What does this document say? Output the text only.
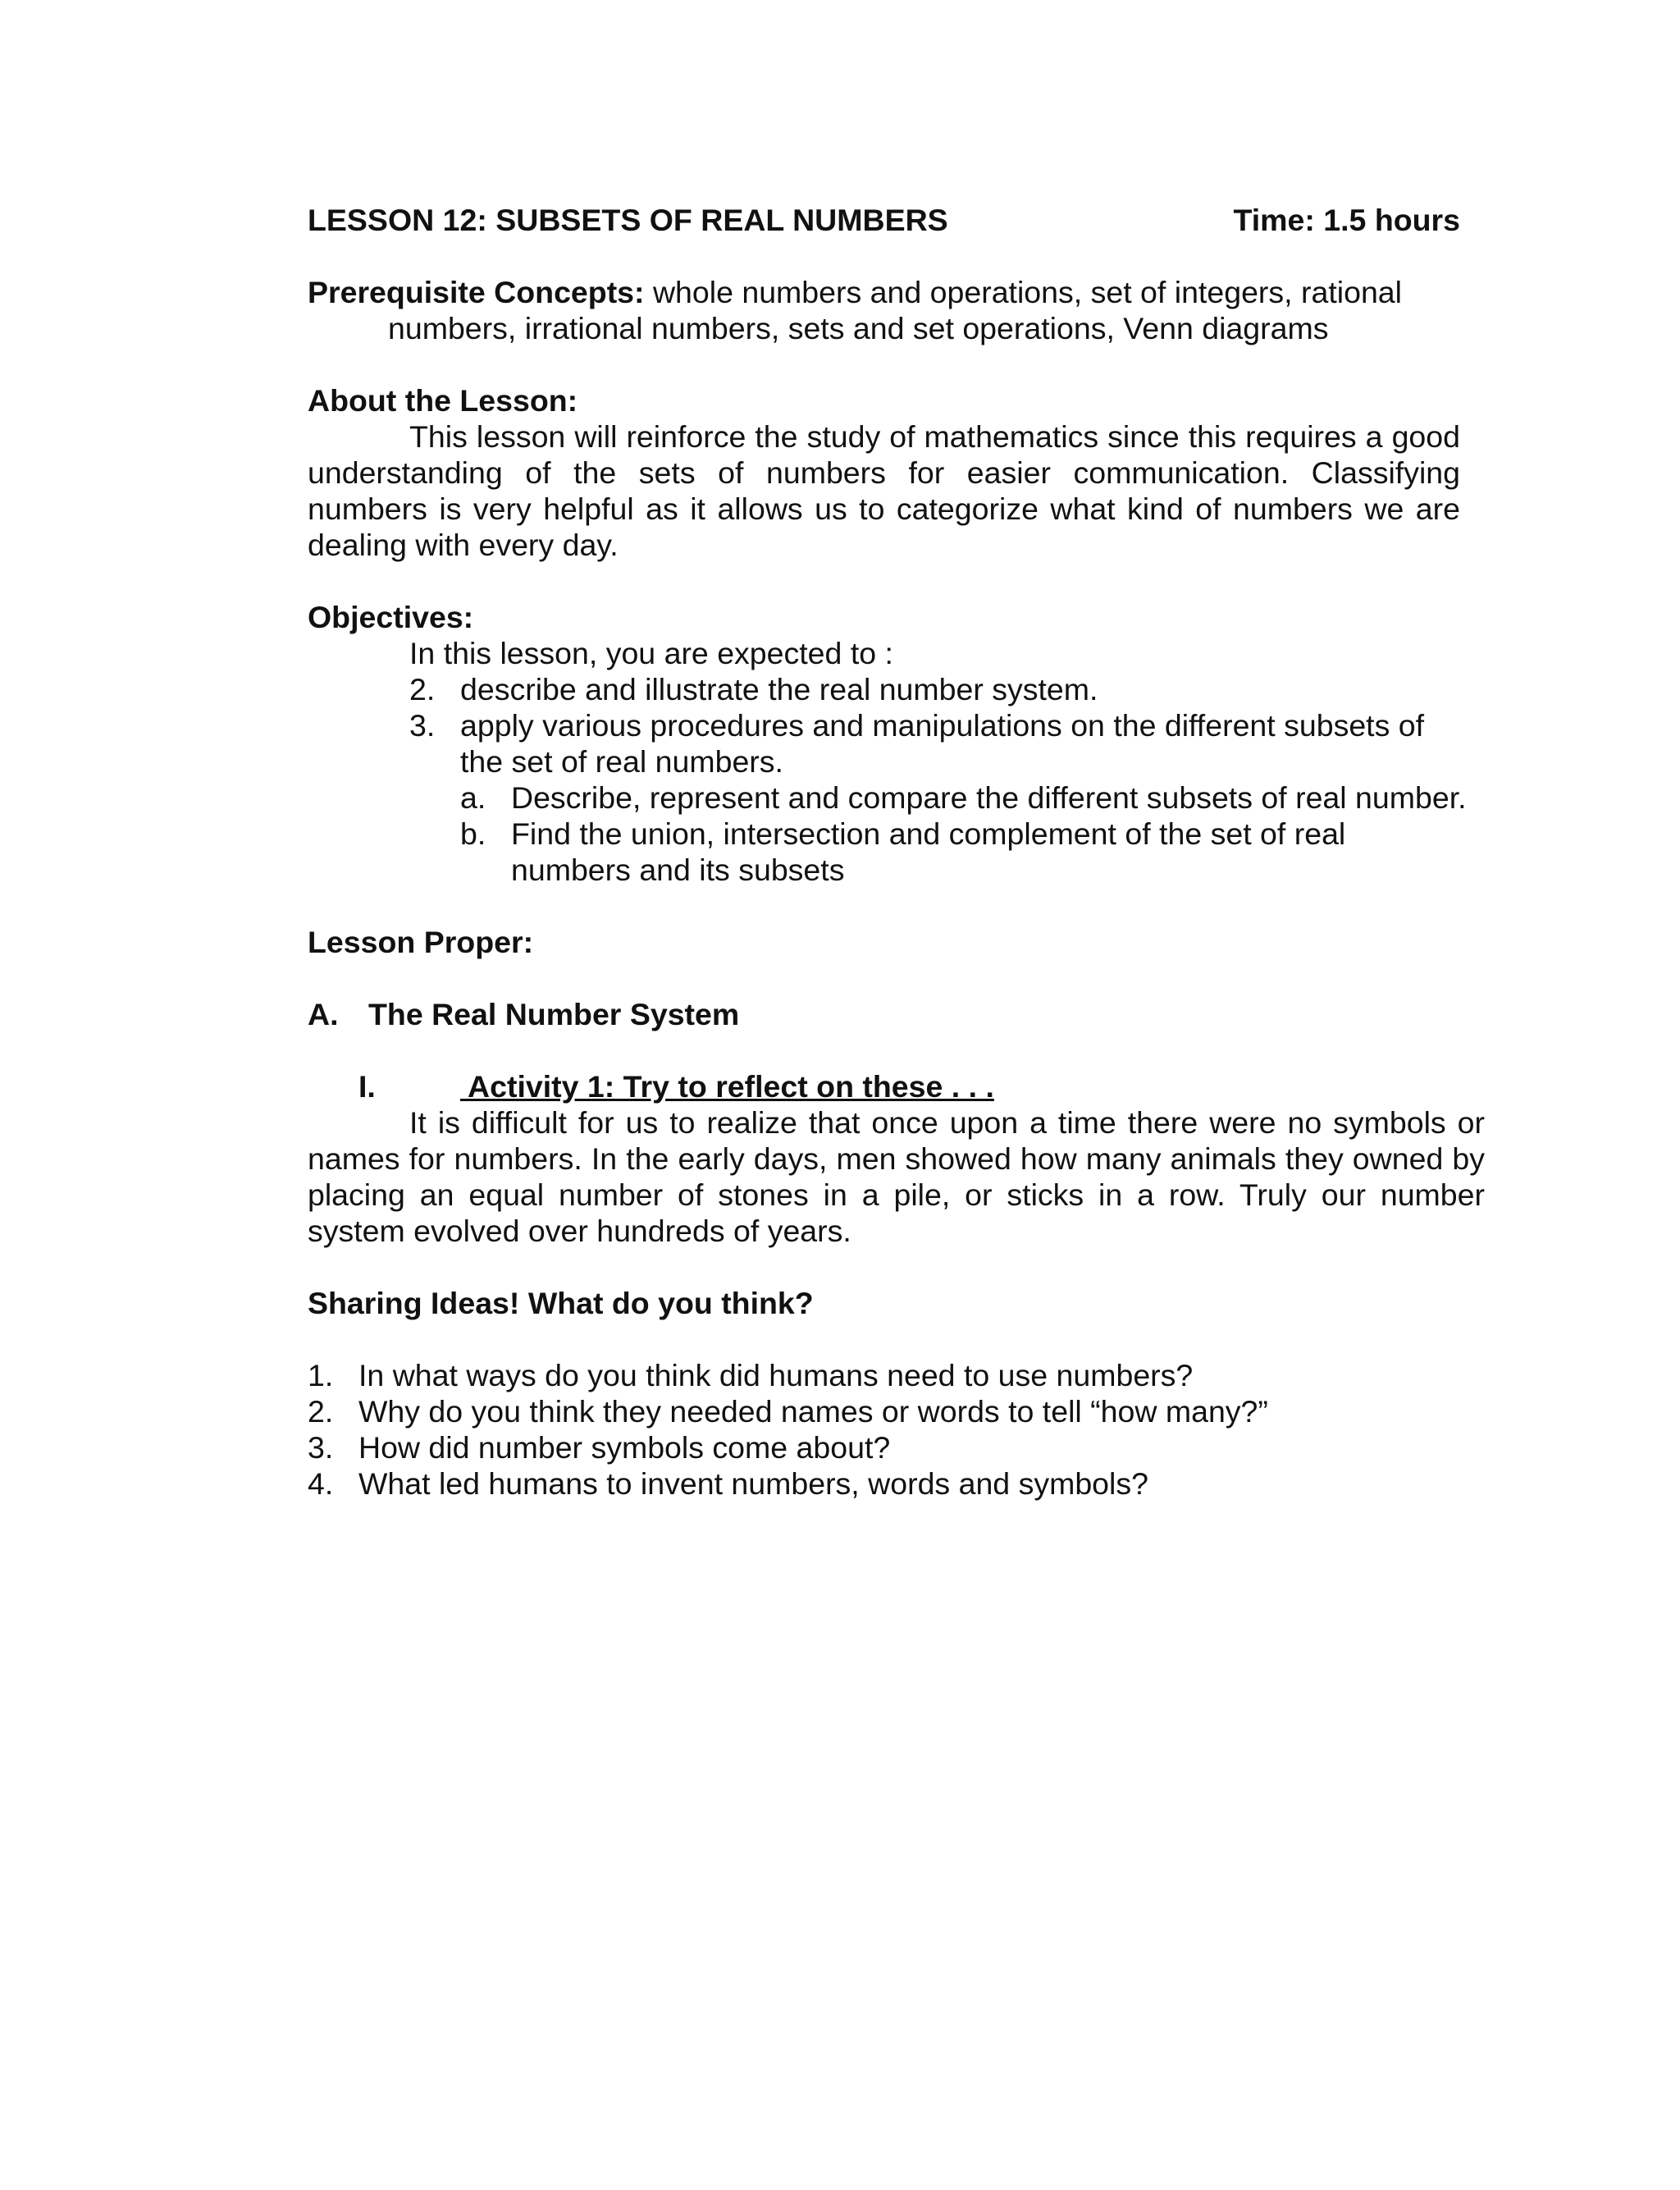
LESSON 12: SUBSETS OF REAL NUMBERS	Time: 1.5 hours
Prerequisite Concepts: whole numbers and operations, set of integers, rational numbers, irrational numbers, sets and set operations, Venn diagrams
About the Lesson:
This lesson will reinforce the study of mathematics since this requires a good understanding of the sets of numbers for easier communication. Classifying numbers is very helpful as it allows us to categorize what kind of numbers we are dealing with every day.
Objectives:
In this lesson, you are expected to :
2. describe and illustrate the real number system.
3. apply various procedures and manipulations on the different subsets of the set of real numbers.
a. Describe, represent and compare the different subsets of real number.
b. Find the union, intersection and complement of the set of real numbers and its subsets
Lesson Proper:
A. The Real Number System
I.	Activity 1: Try to reflect on these . . .
It is difficult for us to realize that once upon a time there were no symbols or names for numbers. In the early days, men showed how many animals they owned by placing an equal number of stones in a pile, or sticks in a row. Truly our number system evolved over hundreds of years.
Sharing Ideas! What do you think?
1. In what ways do you think did humans need to use numbers?
2. Why do you think they needed names or words to tell “how many?”
3. How did number symbols come about?
4. What led humans to invent numbers, words and symbols?
